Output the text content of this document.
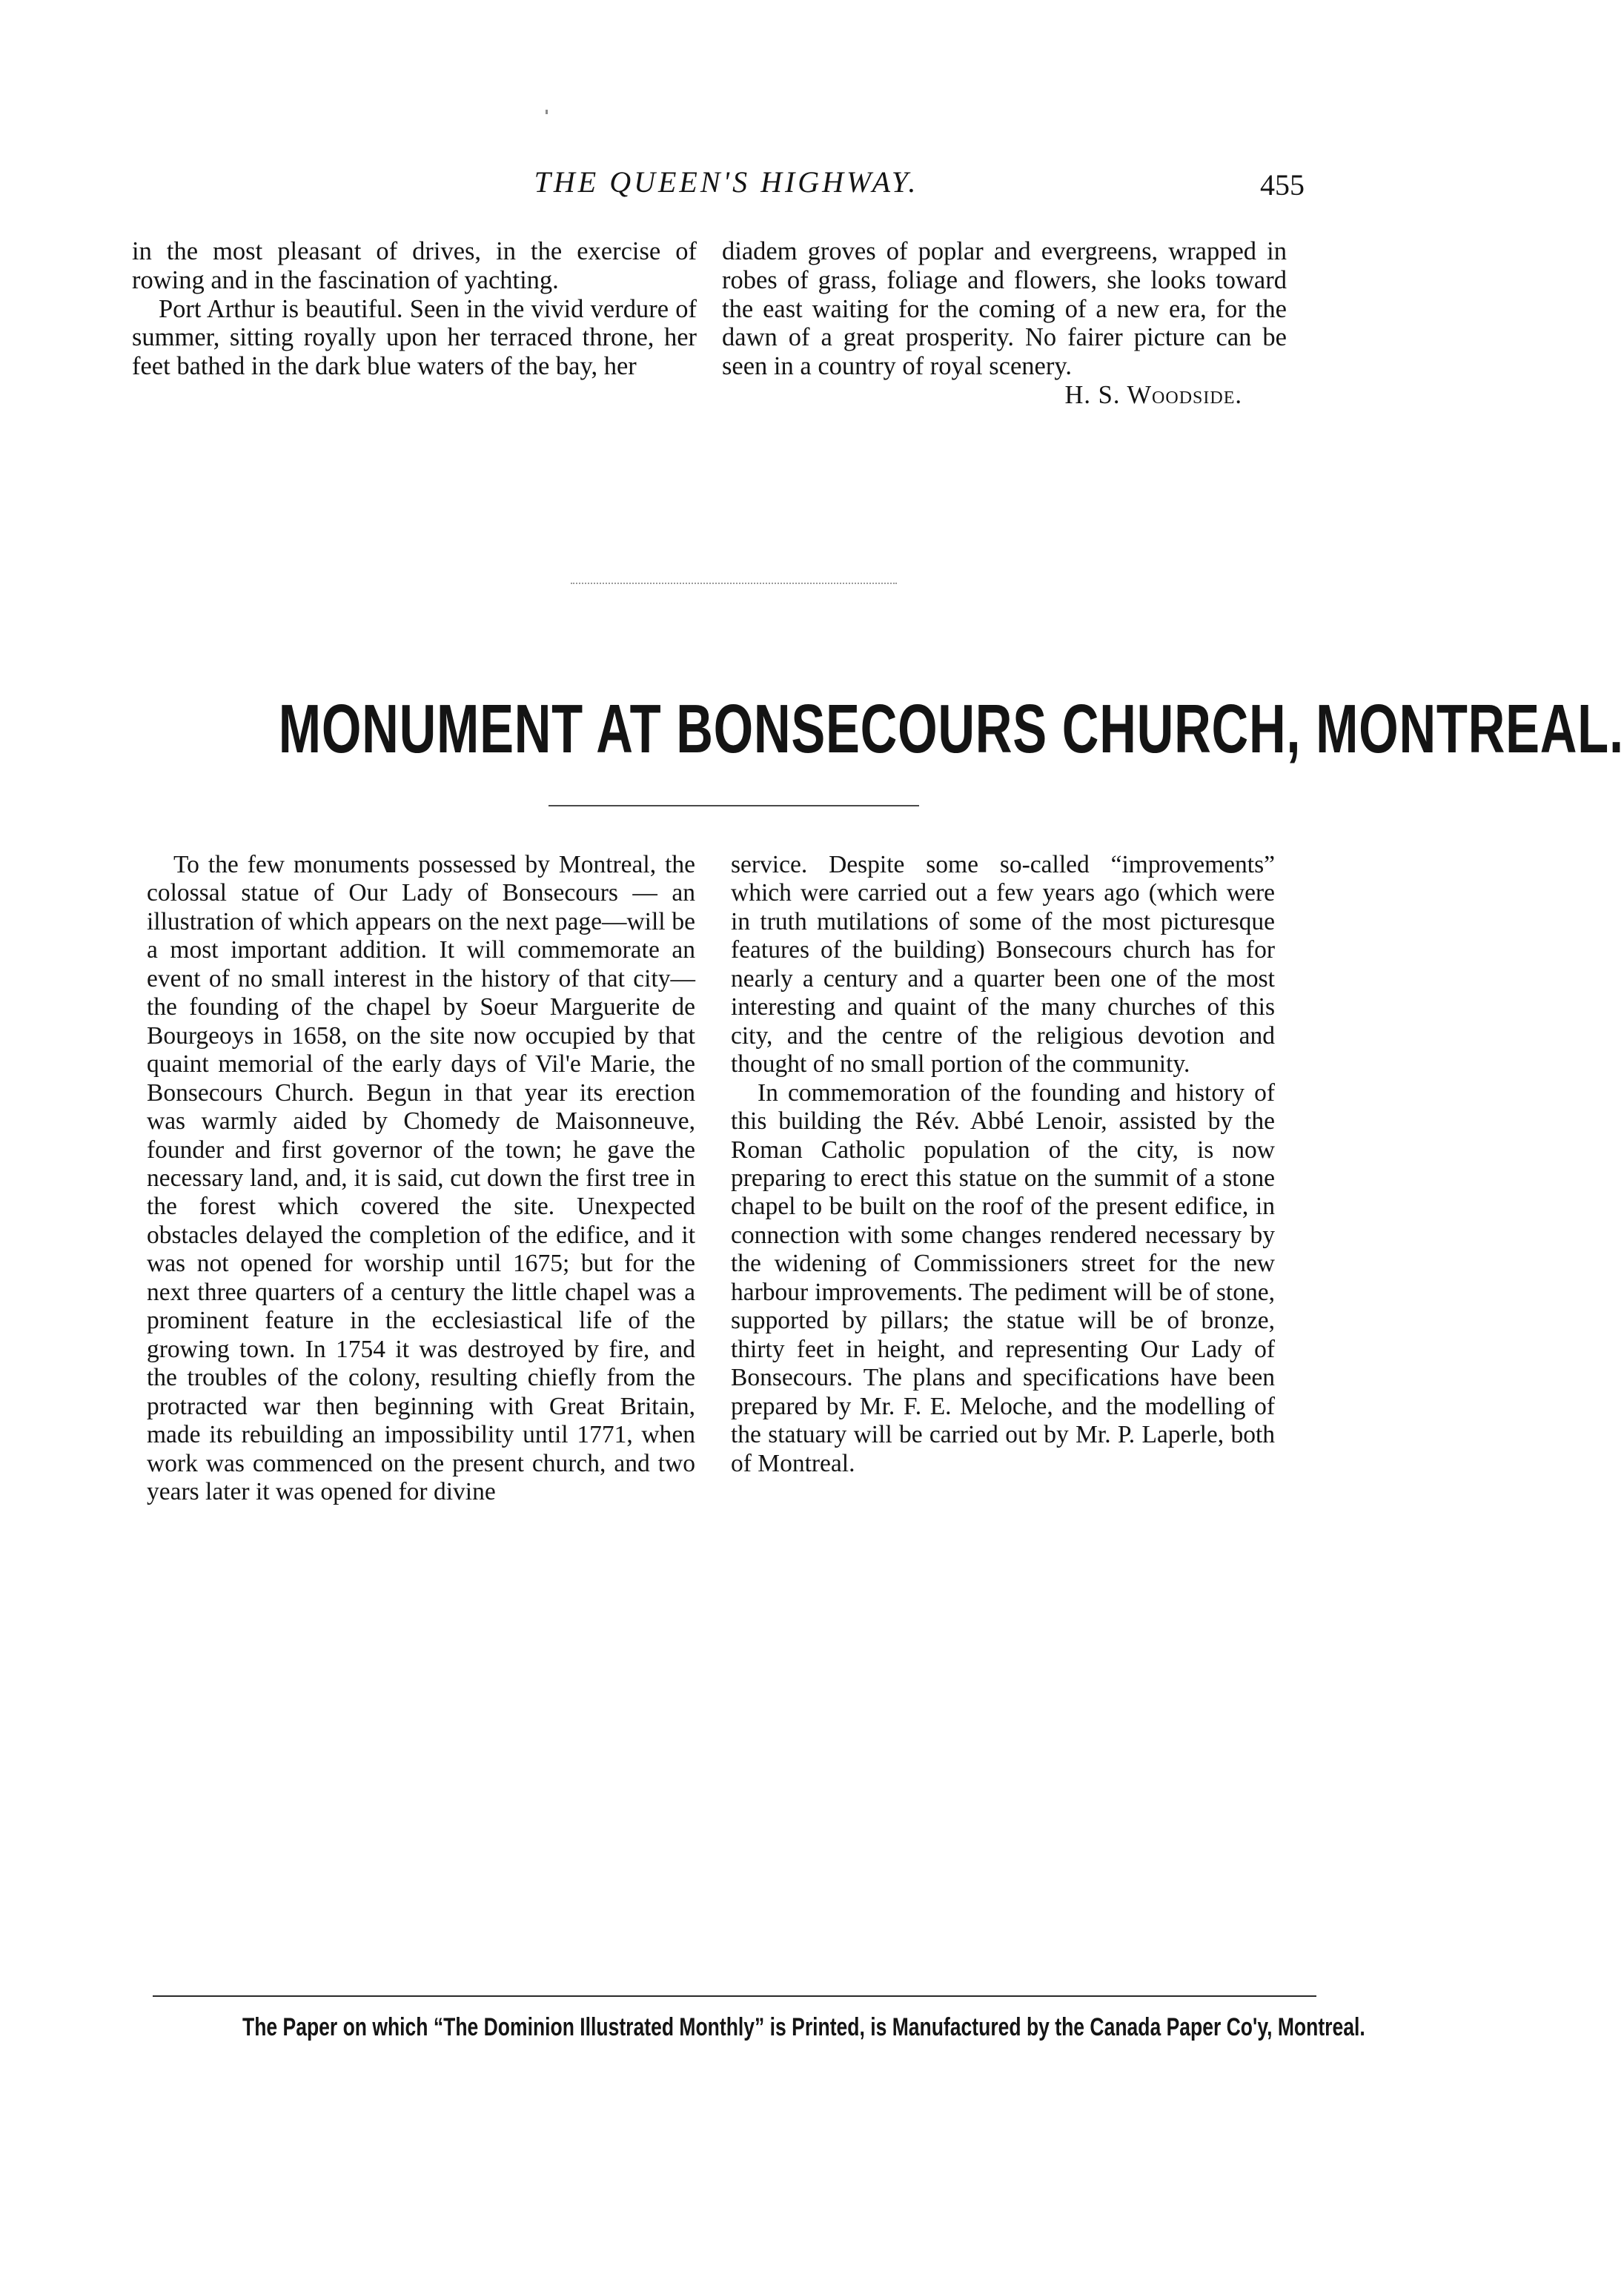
THE QUEEN'S HIGHWAY.	455

in the most pleasant of drives, in the exercise of rowing and in the fascination of yachting.

Port Arthur is beautiful. Seen in the vivid verdure of summer, sitting royally upon her terraced throne, her feet bathed in the dark blue waters of the bay, her

diadem groves of poplar and evergreens, wrapped in robes of grass, foliage and flowers, she looks toward the east waiting for the coming of a new era, for the dawn of a great prosperity. No fairer picture can be seen in a country of royal scenery.

H. S. Woodside.
MONUMENT AT BONSECOURS CHURCH, MONTREAL.

To the few monuments possessed by Montreal, the colossal statue of Our Lady of Bonsecours — an illustration of which appears on the next page—will be a most important addition. It will commemorate an event of no small interest in the history of that city—the founding of the chapel by Soeur Marguerite de Bourgeoys in 1658, on the site now occupied by that quaint memorial of the early days of Vil'e Marie, the Bonsecours Church. Begun in that year its erection was warmly aided by Chomedy de Maisonneuve, founder and first governor of the town; he gave the necessary land, and, it is said, cut down the first tree in the forest which covered the site. Unexpected obstacles delayed the completion of the edifice, and it was not opened for worship until 1675; but for the next three quarters of a century the little chapel was a prominent feature in the ecclesiastical life of the growing town. In 1754 it was destroyed by fire, and the troubles of the colony, resulting chiefly from the protracted war then beginning with Great Britain, made its rebuilding an impossibility until 1771, when work was commenced on the present church, and two years later it was opened for divine

service. Despite some so-called “improvements” which were carried out a few years ago (which were in truth mutilations of some of the most picturesque features of the building) Bonsecours church has for nearly a century and a quarter been one of the most interesting and quaint of the many churches of this city, and the centre of the religious devotion and thought of no small portion of the community.

In commemoration of the founding and history of this building the Rév. Abbé Lenoir, assisted by the Roman Catholic population of the city, is now preparing to erect this statue on the summit of a stone chapel to be built on the roof of the present edifice, in connection with some changes rendered necessary by the widening of Commissioners street for the new harbour improvements. The pediment will be of stone, supported by pillars; the statue will be of bronze, thirty feet in height, and representing Our Lady of Bonsecours. The plans and specifications have been prepared by Mr. F. E. Meloche, and the modelling of the statuary will be carried out by Mr. P. Laperle, both of Montreal.

The Paper on which “The Dominion Illustrated Monthly” is Printed, is Manufactured by the Canada Paper Co'y, Montreal.
